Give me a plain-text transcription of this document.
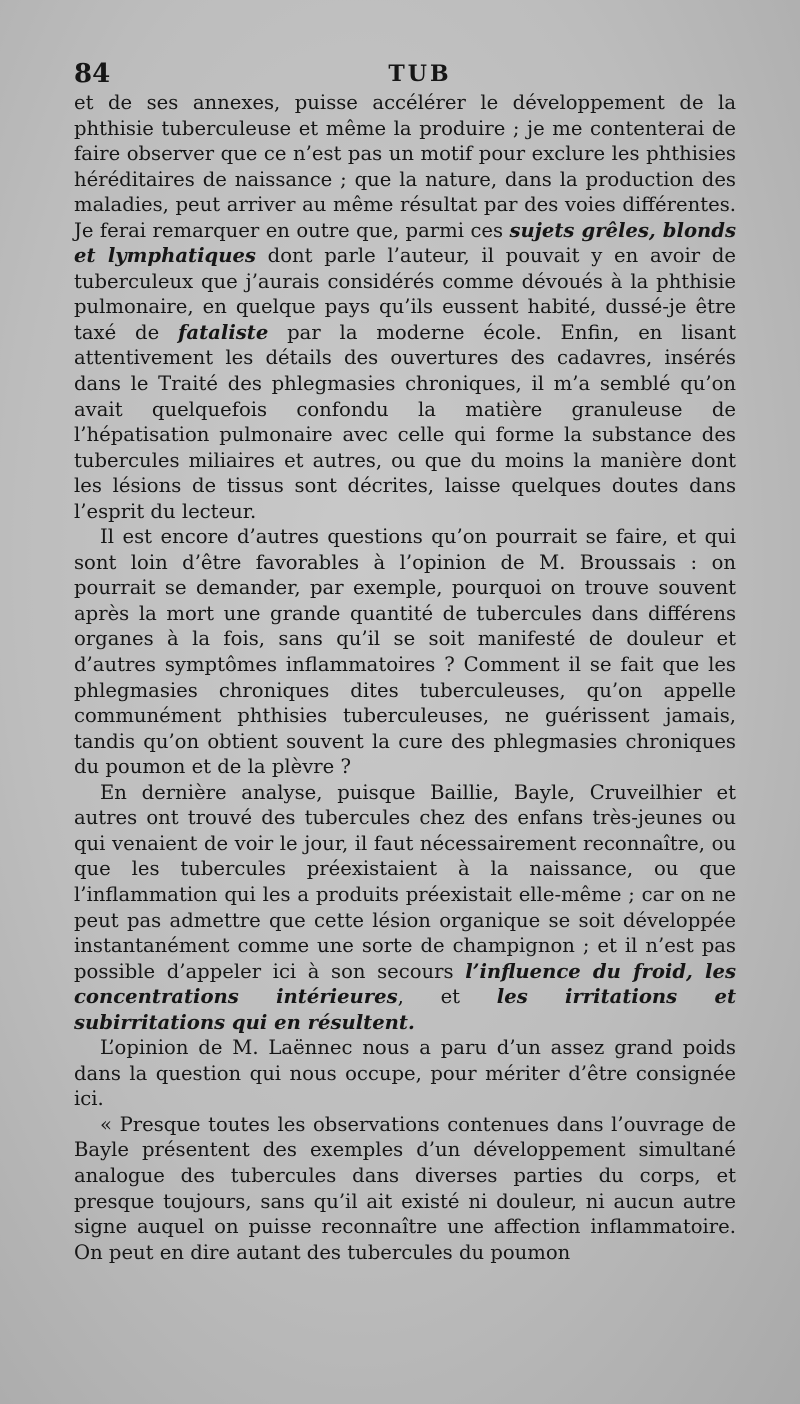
84	TUB

et de ses annexes, puisse accélérer le développement de la phthisie tuberculeuse et même la produire ; je me contenterai de faire observer que ce n’est pas un motif pour exclure les phthisies héréditaires de naissance ; que la nature, dans la production des maladies, peut arriver au même résultat par des voies différentes. Je ferai remarquer en outre que, parmi ces sujets grêles, blonds et lymphatiques dont parle l’auteur, il pouvait y en avoir de tuberculeux que j’aurais considérés comme dévoués à la phthisie pulmonaire, en quelque pays qu’ils eussent habité, dussé-je être taxé de fataliste par la moderne école. Enfin, en lisant attentivement les détails des ouvertures des cadavres, insérés dans le Traité des phlegmasies chroniques, il m’a semblé qu’on avait quelquefois confondu la matière granuleuse de l’hépatisation pulmonaire avec celle qui forme la substance des tubercules miliaires et autres, ou que du moins la manière dont les lésions de tissus sont décrites, laisse quelques doutes dans l’esprit du lecteur.

Il est encore d’autres questions qu’on pourrait se faire, et qui sont loin d’être favorables à l’opinion de M. Broussais : on pourrait se demander, par exemple, pourquoi on trouve souvent après la mort une grande quantité de tubercules dans différens organes à la fois, sans qu’il se soit manifesté de douleur et d’autres symptômes inflammatoires ? Comment il se fait que les phlegmasies chroniques dites tuberculeuses, qu’on appelle communément phthisies tuberculeuses, ne guérissent jamais, tandis qu’on obtient souvent la cure des phlegmasies chroniques du poumon et de la plèvre ?

En dernière analyse, puisque Baillie, Bayle, Cruveilhier et autres ont trouvé des tubercules chez des enfans très-jeunes ou qui venaient de voir le jour, il faut nécessairement reconnaître, ou que les tubercules préexistaient à la naissance, ou que l’inflammation qui les a produits préexistait elle-même ; car on ne peut pas admettre que cette lésion organique se soit développée instantanément comme une sorte de champignon ; et il n’est pas possible d’appeler ici à son secours l’influence du froid, les concentrations intérieures, et les irritations et subirritations qui en résultent.

L’opinion de M. Laënnec nous a paru d’un assez grand poids dans la question qui nous occupe, pour mériter d’être consignée ici.

« Presque toutes les observations contenues dans l’ouvrage de Bayle présentent des exemples d’un développement simultané analogue des tubercules dans diverses parties du corps, et presque toujours, sans qu’il ait existé ni douleur, ni aucun autre signe auquel on puisse reconnaître une affection inflammatoire. On peut en dire autant des tubercules du poumon
